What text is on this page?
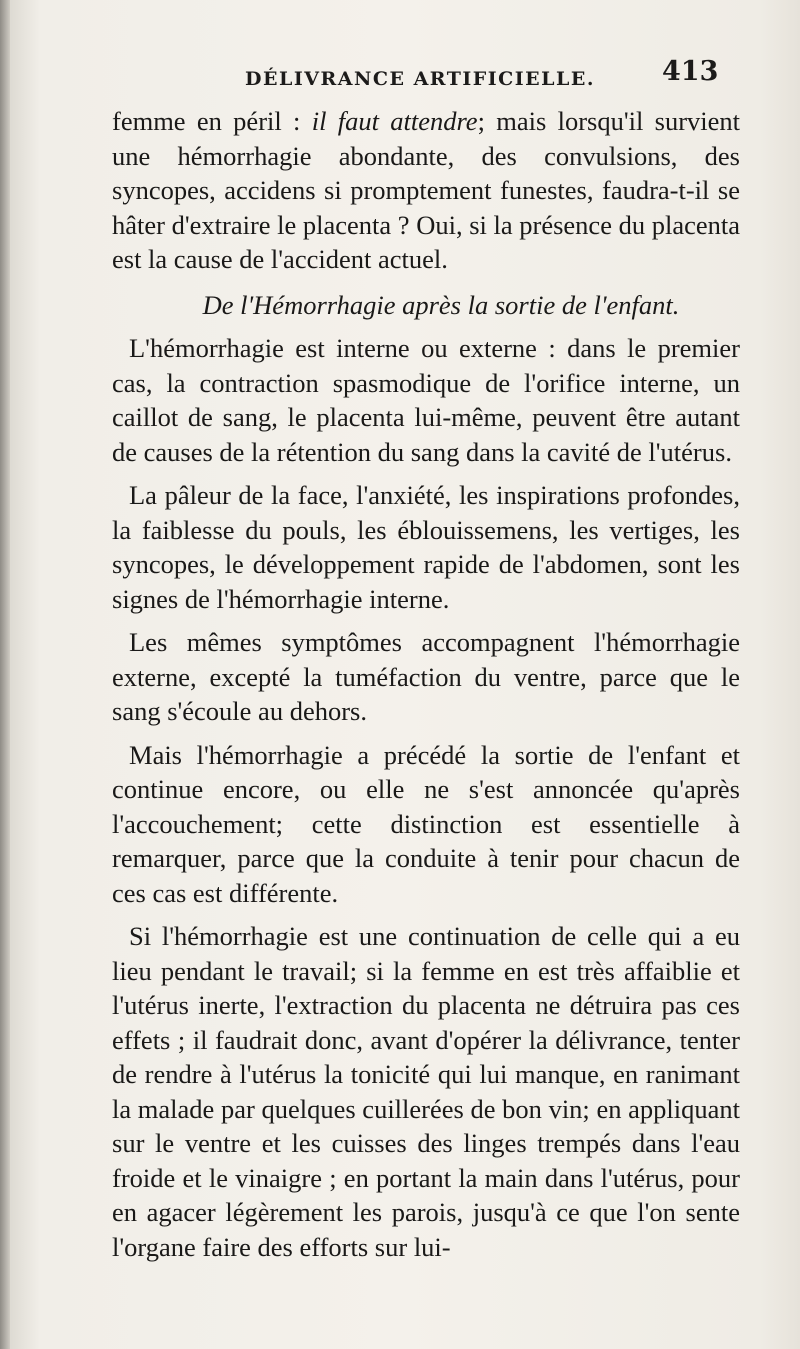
DÉLIVRANCE ARTIFICIELLE. 413

femme en péril : il faut attendre; mais lorsqu'il survient une hémorrhagie abondante, des convulsions, des syncopes, accidens si promptement funestes, faudra-t-il se hâter d'extraire le placenta ? Oui, si la présence du placenta est la cause de l'accident actuel.

De l'Hémorrhagie après la sortie de l'enfant.

L'hémorrhagie est interne ou externe : dans le premier cas, la contraction spasmodique de l'orifice interne, un caillot de sang, le placenta lui-même, peuvent être autant de causes de la rétention du sang dans la cavité de l'utérus.

La pâleur de la face, l'anxiété, les inspirations profondes, la faiblesse du pouls, les éblouissemens, les vertiges, les syncopes, le développement rapide de l'abdomen, sont les signes de l'hémorrhagie interne.

Les mêmes symptômes accompagnent l'hémorrhagie externe, excepté la tuméfaction du ventre, parce que le sang s'écoule au dehors.

Mais l'hémorrhagie a précédé la sortie de l'enfant et continue encore, ou elle ne s'est annoncée qu'après l'accouchement; cette distinction est essentielle à remarquer, parce que la conduite à tenir pour chacun de ces cas est différente.

Si l'hémorrhagie est une continuation de celle qui a eu lieu pendant le travail; si la femme en est très affaiblie et l'utérus inerte, l'extraction du placenta ne détruira pas ces effets ; il faudrait donc, avant d'opérer la délivrance, tenter de rendre à l'utérus la tonicité qui lui manque, en ranimant la malade par quelques cuillerées de bon vin; en appliquant sur le ventre et les cuisses des linges trempés dans l'eau froide et le vinaigre ; en portant la main dans l'utérus, pour en agacer légèrement les parois, jusqu'à ce que l'on sente l'organe faire des efforts sur lui-
